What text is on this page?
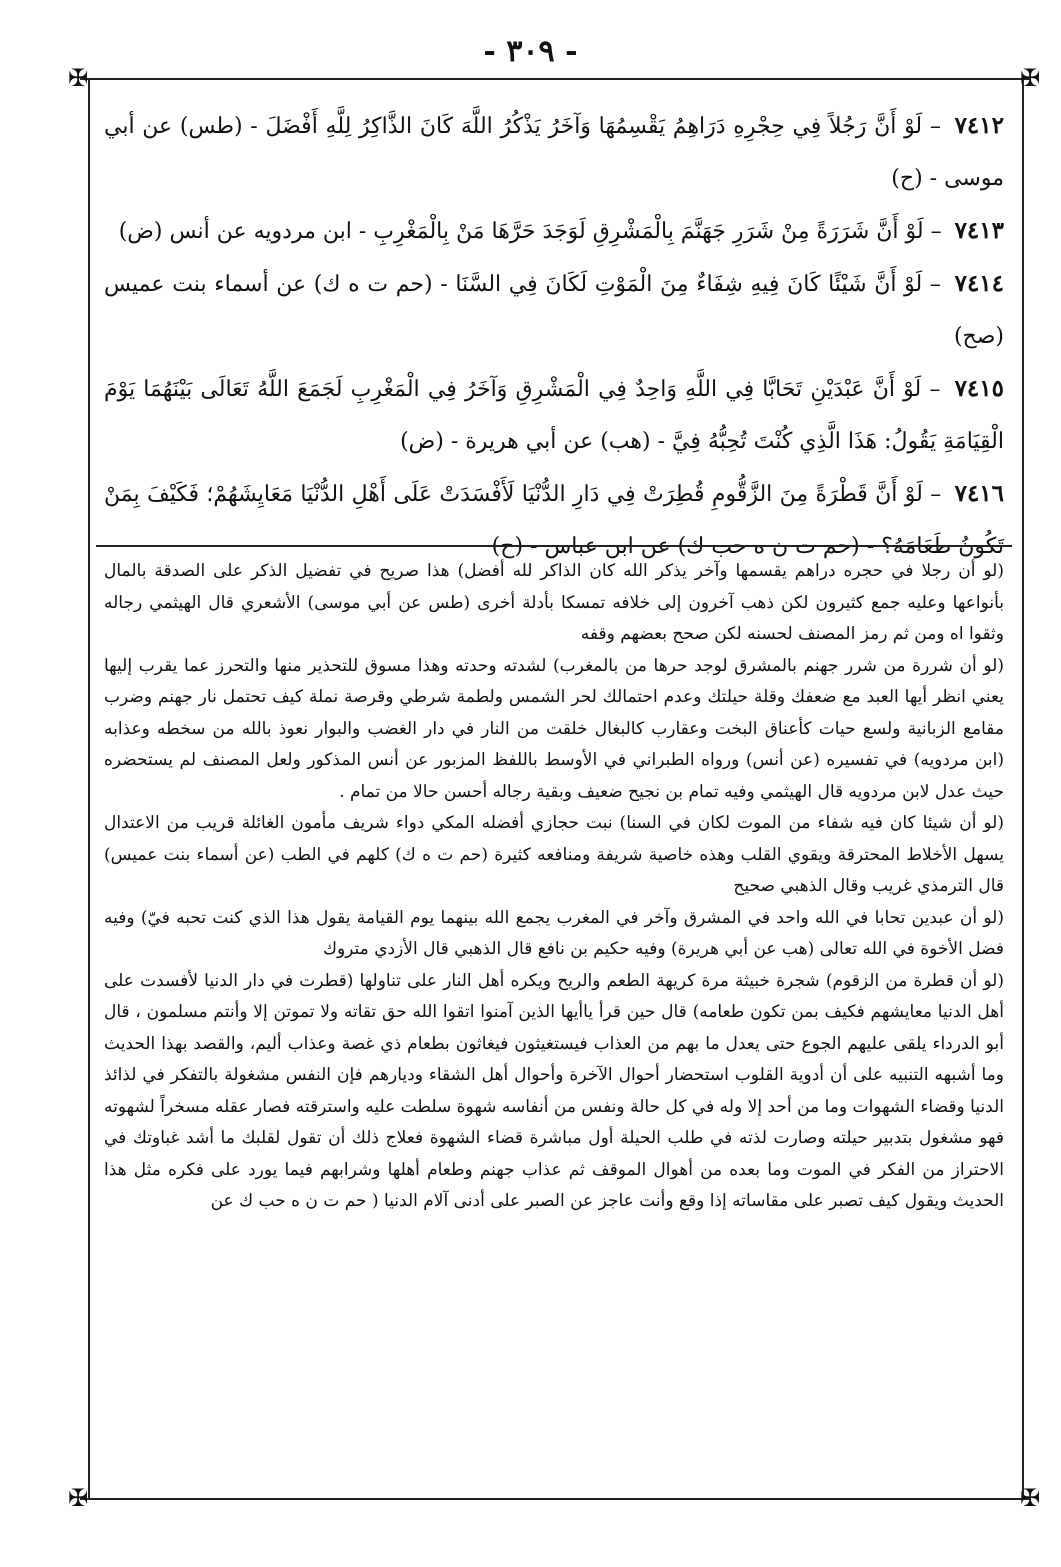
- ٣٠٩ -
✠	✠
✠	✠

٧٤١٢ – لَوْ أَنَّ رَجُلاً فِي حِجْرِهِ دَرَاهِمُ يَقْسِمُهَا وَآخَرُ يَذْكُرُ اللَّهَ كَانَ الذَّاكِرُ لِلَّهِ أَفْضَلَ - (طس) عن أبي موسى - (ح)

٧٤١٣ – لَوْ أَنَّ شَرَرَةً مِنْ شَرَرِ جَهَنَّمَ بِالْمَشْرِقِ لَوَجَدَ حَرَّهَا مَنْ بِالْمَغْرِبِ - ابن مردويه عن أنس (ض)

٧٤١٤ – لَوْ أَنَّ شَيْئًا كَانَ فِيهِ شِفَاءٌ مِنَ الْمَوْتِ لَكَانَ فِي السَّنَا - (حم ت ه ك) عن أسماء بنت عميس (صح)

٧٤١٥ – لَوْ أَنَّ عَبْدَيْنِ تَحَابَّا فِي اللَّهِ وَاحِدٌ فِي الْمَشْرِقِ وَآخَرُ فِي الْمَغْرِبِ لَجَمَعَ اللَّهُ تَعَالَى بَيْنَهُمَا يَوْمَ الْقِيَامَةِ يَقُولُ: هَذَا الَّذِي كُنْتَ تُحِبُّهُ فِيَّ - (هب) عن أبي هريرة - (ض)

٧٤١٦ – لَوْ أَنَّ قَطْرَةً مِنَ الزَّقُّومِ قُطِرَتْ فِي دَارِ الدُّنْيَا لَأَفْسَدَتْ عَلَى أَهْلِ الدُّنْيَا مَعَايِشَهُمْ؛ فَكَيْفَ بِمَنْ تَكُونُ طَعَامَهُ؟ - (حم ت ن ه حب ك) عن ابن عباس - (ح)

(لو أن رجلا في حجره دراهم يقسمها وآخر يذكر الله كان الذاكر لله أفضل) هذا صريح في تفضيل الذكر على الصدقة بالمال بأنواعها وعليه جمع كثيرون لكن ذهب آخرون إلى خلافه تمسكا بأدلة أخرى (طس عن أبي موسى) الأشعري قال الهيثمي رجاله وثقوا اه ومن ثم رمز المصنف لحسنه لكن صحح بعضهم وقفه

(لو أن شررة من شرر جهنم بالمشرق لوجد حرها من بالمغرب) لشدته وحدته وهذا مسوق للتحذير منها والتحرز عما يقرب إليها يعني انظر أيها العبد مع ضعفك وقلة حيلتك وعدم احتمالك لحر الشمس ولطمة شرطي وقرصة نملة كيف تحتمل نار جهنم وضرب مقامع الزبانية ولسع حيات كأعناق البخت وعقارب كالبغال خلقت من النار في دار الغضب والبوار نعوذ بالله من سخطه وعذابه (ابن مردويه) في تفسيره (عن أنس) ورواه الطبراني في الأوسط باللفظ المزبور عن أنس المذكور ولعل المصنف لم يستحضره حيث عدل لابن مردويه قال الهيثمي وفيه تمام بن نجيح ضعيف وبقية رجاله أحسن حالا من تمام .

(لو أن شيئا كان فيه شفاء من الموت لكان في السنا) نبت حجازي أفضله المكي دواء شريف مأمون الغائلة قريب من الاعتدال يسهل الأخلاط المحترقة ويقوي القلب وهذه خاصية شريفة ومنافعه كثيرة (حم ت ه ك) كلهم في الطب (عن أسماء بنت عميس) قال الترمذي غريب وقال الذهبي صحيح

(لو أن عبدين تحابا في الله واحد في المشرق وآخر في المغرب يجمع الله بينهما يوم القيامة يقول هذا الذي كنت تحبه فيّ) وفيه فضل الأخوة في الله تعالى (هب عن أبي هريرة) وفيه حكيم بن نافع قال الذهبي قال الأزدي متروك

(لو أن قطرة من الزقوم) شجرة خبيثة مرة كريهة الطعم والريح ويكره أهل النار على تناولها (قطرت في دار الدنيا لأفسدت على أهل الدنيا معايشهم فكيف بمن تكون طعامه) قال حين قرأ ياأيها الذين آمنوا اتقوا الله حق تقاته ولا تموتن إلا وأنتم مسلمون ، قال أبو الدرداء يلقى عليهم الجوع حتى يعدل ما بهم من العذاب فيستغيثون فيغاثون بطعام ذي غصة وعذاب أليم، والقصد بهذا الحديث وما أشبهه التنبيه على أن أدوية القلوب استحضار أحوال الآخرة وأحوال أهل الشقاء وديارهم فإن النفس مشغولة بالتفكر في لذائذ الدنيا وقضاء الشهوات وما من أحد إلا وله في كل حالة ونفس من أنفاسه شهوة سلطت عليه واسترقته فصار عقله مسخراً لشهوته فهو مشغول بتدبير حيلته وصارت لذته في طلب الحيلة أول مباشرة قضاء الشهوة فعلاج ذلك أن تقول لقلبك ما أشد غباوتك في الاحتراز من الفكر في الموت وما بعده من أهوال الموقف ثم عذاب جهنم وطعام أهلها وشرابهم فيما يورد على فكره مثل هذا الحديث ويقول كيف تصبر على مقاساته إذا وقع وأنت عاجز عن الصبر على أدنى آلام الدنيا ( حم ت ن ه حب ك عن
